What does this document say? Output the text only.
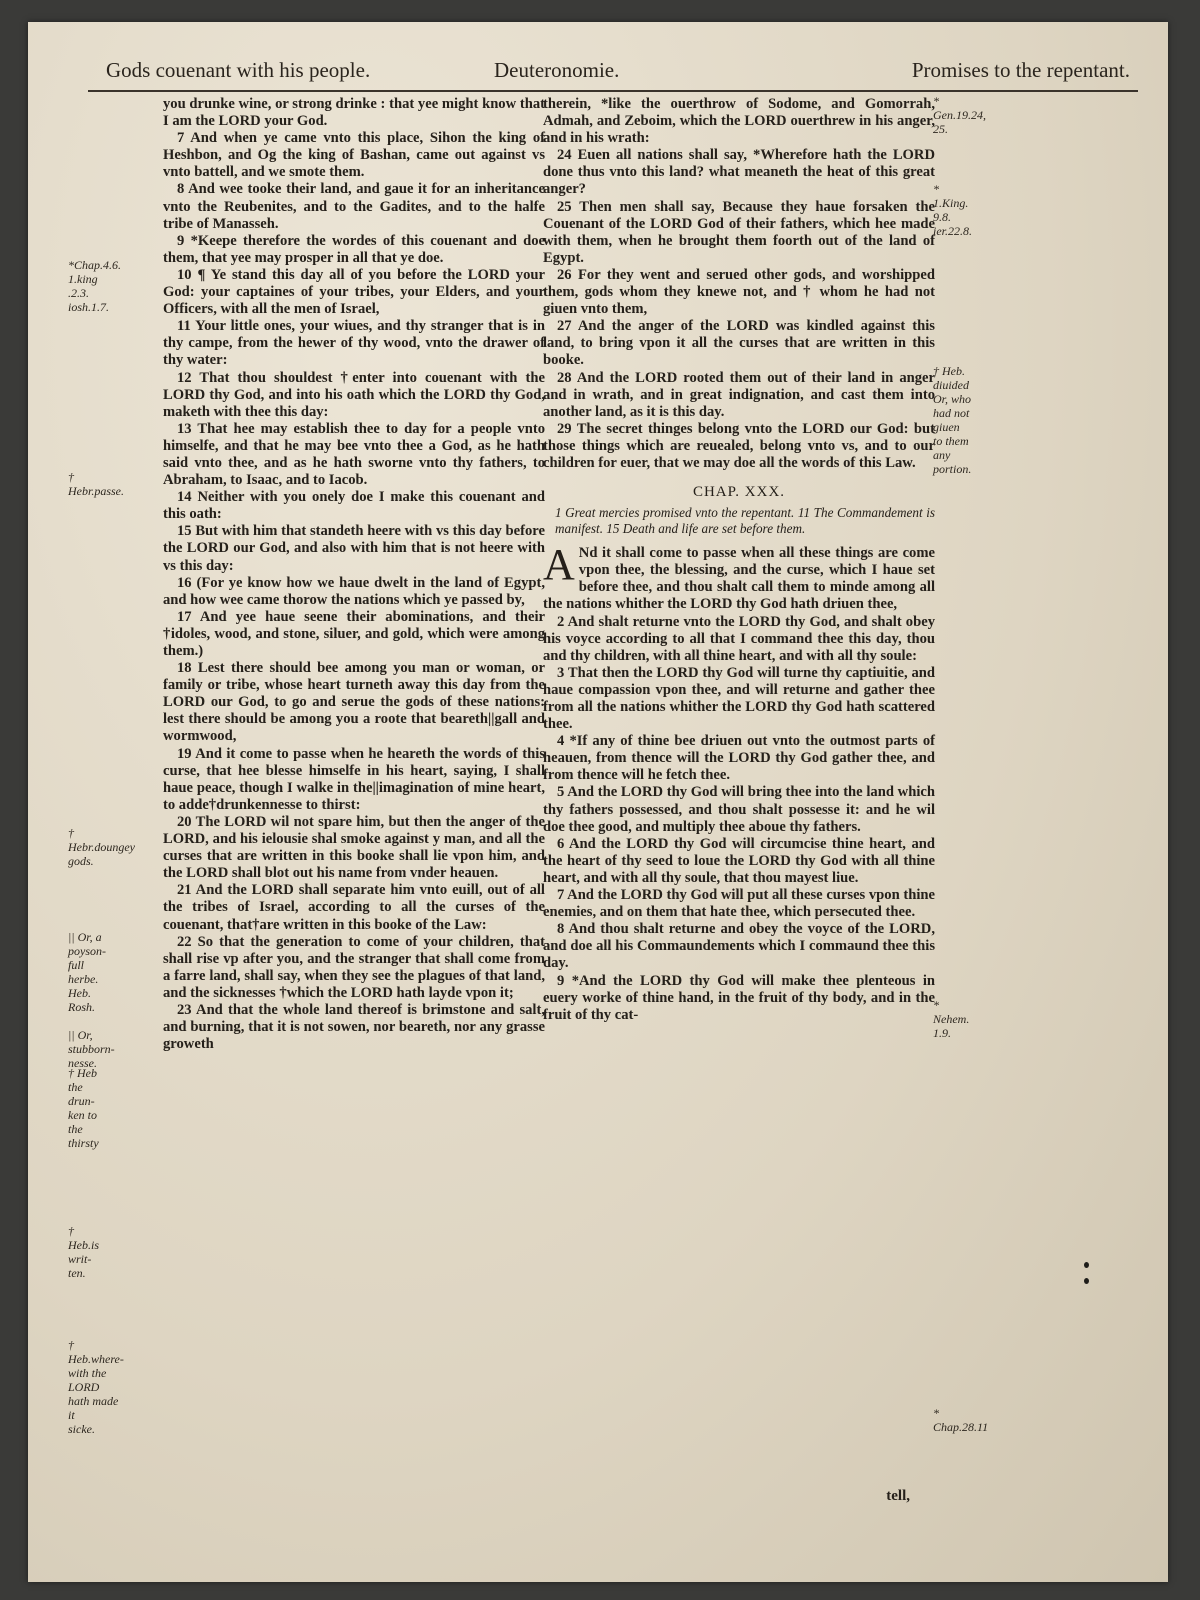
Gods couenant with his people.	Deuteronomie.	Promises to the repentant.
*Chap.4.6.
1.king .2.3.
iosh.1.7.
† Hebr.passe.
† Hebr.doungey
gods.
|| Or, a poyson-
full herbe. Heb.
Rosh.
|| Or, stubborn-
nesse.
† Heb the drun-
ken to the thirsty
† Heb.is writ-
ten.
† Heb.where-
with the LORD
hath made it
sicke.

you drunke wine, or strong drinke : that yee might know that I am the LORD your God.

7 And when ye came vnto this place, Sihon the king of Heshbon, and Og the king of Bashan, came out against vs vnto battell, and we smote them.

8 And wee tooke their land, and gaue it for an inheritance vnto the Reubenites, and to the Gadites, and to the halfe tribe of Manasseh.

9 *Keepe therefore the wordes of this couenant and doe them, that yee may prosper in all that ye doe.

10 ¶ Ye stand this day all of you before the LORD your God: your captaines of your tribes, your Elders, and your Officers, with all the men of Israel,

11 Your little ones, your wiues, and thy stranger that is in thy campe, from the hewer of thy wood, vnto the drawer of thy water:

12 That thou shouldest †enter into couenant with the LORD thy God, and into his oath which the LORD thy God, maketh with thee this day:

13 That hee may establish thee to day for a people vnto himselfe, and that he may bee vnto thee a God, as he hath said vnto thee, and as he hath sworne vnto thy fathers, to Abraham, to Isaac, and to Iacob.

14 Neither with you onely doe I make this couenant and this oath:

15 But with him that standeth heere with vs this day before the LORD our God, and also with him that is not heere with vs this day:

16 (For ye know how we haue dwelt in the land of Egypt, and how wee came thorow the nations which ye passed by,

17 And yee haue seene their abominations, and their †idoles, wood, and stone, siluer, and gold, which were among them.)

18 Lest there should bee among you man or woman, or family or tribe, whose heart turneth away this day from the LORD our God, to go and serue the gods of these nations: lest there should be among you a roote that beareth||gall and wormwood,

19 And it come to passe when he heareth the words of this curse, that hee blesse himselfe in his heart, saying, I shall haue peace, though I walke in the||imagination of mine heart, to adde†drunkennesse to thirst:

20 The LORD wil not spare him, but then the anger of the LORD, and his ielousie shal smoke against y man, and all the curses that are written in this booke shall lie vpon him, and the LORD shall blot out his name from vnder heauen.

21 And the LORD shall separate him vnto euill, out of all the tribes of Israel, according to all the curses of the couenant, that†are written in this booke of the Law:

22 So that the generation to come of your children, that shall rise vp after you, and the stranger that shall come from a farre land, shall say, when they see the plagues of that land, and the sicknesses †which the LORD hath layde vpon it;

23 And that the whole land thereof is brimstone and salt, and burning, that it is not sowen, nor beareth, nor any grasse groweth

therein, *like the ouerthrow of Sodome, and Gomorrah, Admah, and Zeboim, which the LORD ouerthrew in his anger, and in his wrath:

24 Euen all nations shall say, *Wherefore hath the LORD done thus vnto this land? what meaneth the heat of this great anger?

25 Then men shall say, Because they haue forsaken the Couenant of the LORD God of their fathers, which hee made with them, when he brought them foorth out of the land of Egypt.

26 For they went and serued other gods, and worshipped them, gods whom they knewe not, and † whom he had not giuen vnto them,

27 And the anger of the LORD was kindled against this land, to bring vpon it all the curses that are written in this booke.

28 And the LORD rooted them out of their land in anger and in wrath, and in great indignation, and cast them into another land, as it is this day.

29 The secret thinges belong vnto the LORD our God: but those things which are reuealed, belong vnto vs, and to our children for euer, that we may doe all the words of this Law.

CHAP. XXX.

1 Great mercies promised vnto the repentant. 11 The Commandement is manifest. 15 Death and life are set before them.

A Nd it shall come to passe when all these things are come vpon thee, the blessing, and the curse, which I haue set before thee, and thou shalt call them to minde among all the nations whither the LORD thy God hath driuen thee,

2 And shalt returne vnto the LORD thy God, and shalt obey his voyce according to all that I command thee this day, thou and thy children, with all thine heart, and with all thy soule:

3 That then the LORD thy God will turne thy captiuitie, and haue compassion vpon thee, and will returne and gather thee from all the nations whither the LORD thy God hath scattered thee.

4 *If any of thine bee driuen out vnto the outmost parts of heauen, from thence will the LORD thy God gather thee, and from thence will he fetch thee.

5 And the LORD thy God will bring thee into the land which thy fathers possessed, and thou shalt possesse it: and he wil doe thee good, and multiply thee aboue thy fathers.

6 And the LORD thy God will circumcise thine heart, and the heart of thy seed to loue the LORD thy God with all thine heart, and with all thy soule, that thou mayest liue.

7 And the LORD thy God will put all these curses vpon thine enemies, and on them that hate thee, which persecuted thee.

8 And thou shalt returne and obey the voyce of the LORD, and doe all his Commaundements which I commaund thee this day.

9 *And the LORD thy God will make thee plenteous in euery worke of thine hand, in the fruit of thy body, and in the fruit of thy cat-

tell,
* Gen.19.24,
25.
* 1.King. 9.8.
ier.22.8.
† Heb. diuided
Or, who had not
giuen to them
any portion.
* Nehem. 1.9.
* Chap.28.11
